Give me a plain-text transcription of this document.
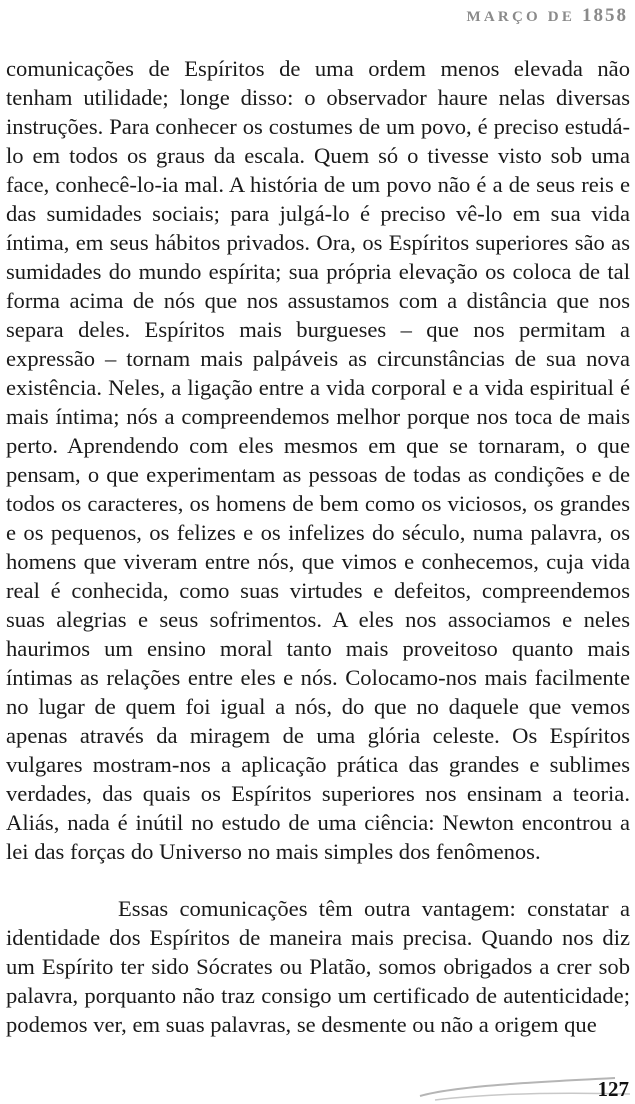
MARÇO DE 1858

comunicações de Espíritos de uma ordem menos elevada não tenham utilidade; longe disso: o observador haure nelas diversas instruções. Para conhecer os costumes de um povo, é preciso estudá-lo em todos os graus da escala. Quem só o tivesse visto sob uma face, conhecê-lo-ia mal. A história de um povo não é a de seus reis e das sumidades sociais; para julgá-lo é preciso vê-lo em sua vida íntima, em seus hábitos privados. Ora, os Espíritos superiores são as sumidades do mundo espírita; sua própria elevação os coloca de tal forma acima de nós que nos assustamos com a distância que nos separa deles. Espíritos mais burgueses – que nos permitam a expressão – tornam mais palpáveis as circunstâncias de sua nova existência. Neles, a ligação entre a vida corporal e a vida espiritual é mais íntima; nós a compreendemos melhor porque nos toca de mais perto. Aprendendo com eles mesmos em que se tornaram, o que pensam, o que experimentam as pessoas de todas as condições e de todos os caracteres, os homens de bem como os viciosos, os grandes e os pequenos, os felizes e os infelizes do século, numa palavra, os homens que viveram entre nós, que vimos e conhecemos, cuja vida real é conhecida, como suas virtudes e defeitos, compreendemos suas alegrias e seus sofrimentos. A eles nos associamos e neles haurimos um ensino moral tanto mais proveitoso quanto mais íntimas as relações entre eles e nós. Colocamo-nos mais facilmente no lugar de quem foi igual a nós, do que no daquele que vemos apenas através da miragem de uma glória celeste. Os Espíritos vulgares mostram-nos a aplicação prática das grandes e sublimes verdades, das quais os Espíritos superiores nos ensinam a teoria. Aliás, nada é inútil no estudo de uma ciência: Newton encontrou a lei das forças do Universo no mais simples dos fenômenos.

Essas comunicações têm outra vantagem: constatar a identidade dos Espíritos de maneira mais precisa. Quando nos diz um Espírito ter sido Sócrates ou Platão, somos obrigados a crer sob palavra, porquanto não traz consigo um certificado de autenticidade; podemos ver, em suas palavras, se desmente ou não a origem que

127
